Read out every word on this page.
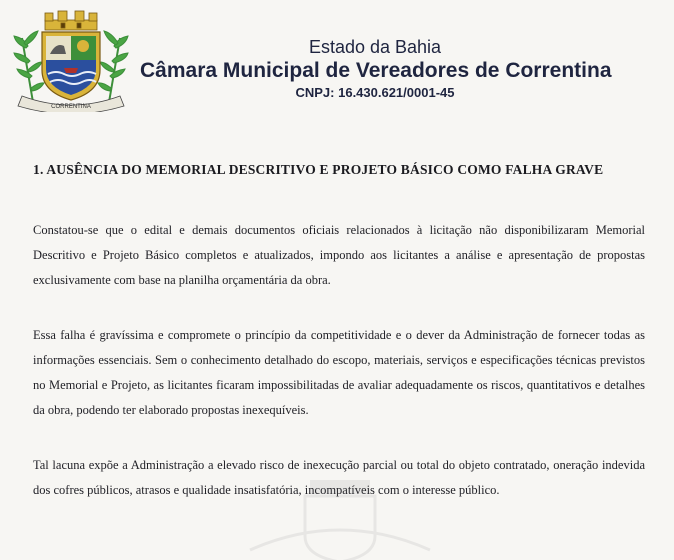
CORRENTINA
Estado da Bahia
Câmara Municipal de Vereadores de Correntina
CNPJ: 16.430.621/0001-45
1. AUSÊNCIA DO MEMORIAL DESCRITIVO E PROJETO BÁSICO COMO FALHA GRAVE

Constatou-se que o edital e demais documentos oficiais relacionados à licitação não disponibilizaram Memorial Descritivo e Projeto Básico completos e atualizados, impondo aos licitantes a análise e apresentação de propostas exclusivamente com base na planilha orçamentária da obra.

Essa falha é gravíssima e compromete o princípio da competitividade e o dever da Administração de fornecer todas as informações essenciais. Sem o conhecimento detalhado do escopo, materiais, serviços e especificações técnicas previstos no Memorial e Projeto, as licitantes ficaram impossibilitadas de avaliar adequadamente os riscos, quantitativos e detalhes da obra, podendo ter elaborado propostas inexequíveis.

Tal lacuna expõe a Administração a elevado risco de inexecução parcial ou total do objeto contratado, oneração indevida dos cofres públicos, atrasos e qualidade insatisfatória, incompatíveis com o interesse público.
